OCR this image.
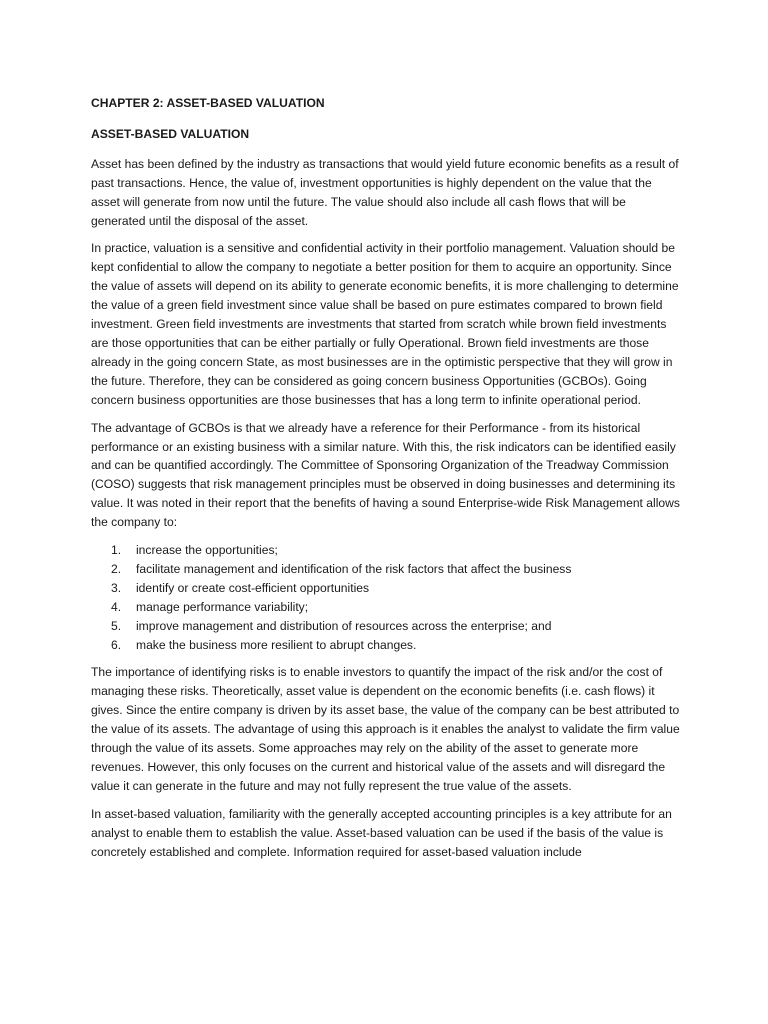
CHAPTER 2: ASSET-BASED VALUATION
ASSET-BASED VALUATION

Asset has been defined by the industry as transactions that would yield future economic benefits as a result of past transactions. Hence, the value of, investment opportunities is highly dependent on the value that the asset will generate from now until the future. The value should also include all cash flows that will be generated until the disposal of the asset.

In practice, valuation is a sensitive and confidential activity in their portfolio management. Valuation should be kept confidential to allow the company to negotiate a better position for them to acquire an opportunity. Since the value of assets will depend on its ability to generate economic benefits, it is more challenging to determine the value of a green field investment since value shall be based on pure estimates compared to brown field investment. Green field investments are investments that started from scratch while brown field investments are those opportunities that can be either partially or fully Operational. Brown field investments are those already in the going concern State, as most businesses are in the optimistic perspective that they will grow in the future. Therefore, they can be considered as going concern business Opportunities (GCBOs). Going concern business opportunities are those businesses that has a long term to infinite operational period.

The advantage of GCBOs is that we already have a reference for their Performance - from its historical performance or an existing business with a similar nature. With this, the risk indicators can be identified easily and can be quantified accordingly. The Committee of Sponsoring Organization of the Treadway Commission (COSO) suggests that risk management principles must be observed in doing businesses and determining its value. It was noted in their report that the benefits of having a sound Enterprise-wide Risk Management allows the company to:

1. increase the opportunities;
2. facilitate management and identification of the risk factors that affect the business
3. identify or create cost-efficient opportunities
4. manage performance variability;
5. improve management and distribution of resources across the enterprise; and
6. make the business more resilient to abrupt changes.

The importance of identifying risks is to enable investors to quantify the impact of the risk and/or the cost of managing these risks. Theoretically, asset value is dependent on the economic benefits (i.e. cash flows) it gives. Since the entire company is driven by its asset base, the value of the company can be best attributed to the value of its assets. The advantage of using this approach is it enables the analyst to validate the firm value through the value of its assets. Some approaches may rely on the ability of the asset to generate more revenues. However, this only focuses on the current and historical value of the assets and will disregard the value it can generate in the future and may not fully represent the true value of the assets.

In asset-based valuation, familiarity with the generally accepted accounting principles is a key attribute for an analyst to enable them to establish the value. Asset-based valuation can be used if the basis of the value is concretely established and complete. Information required for asset-based valuation include
